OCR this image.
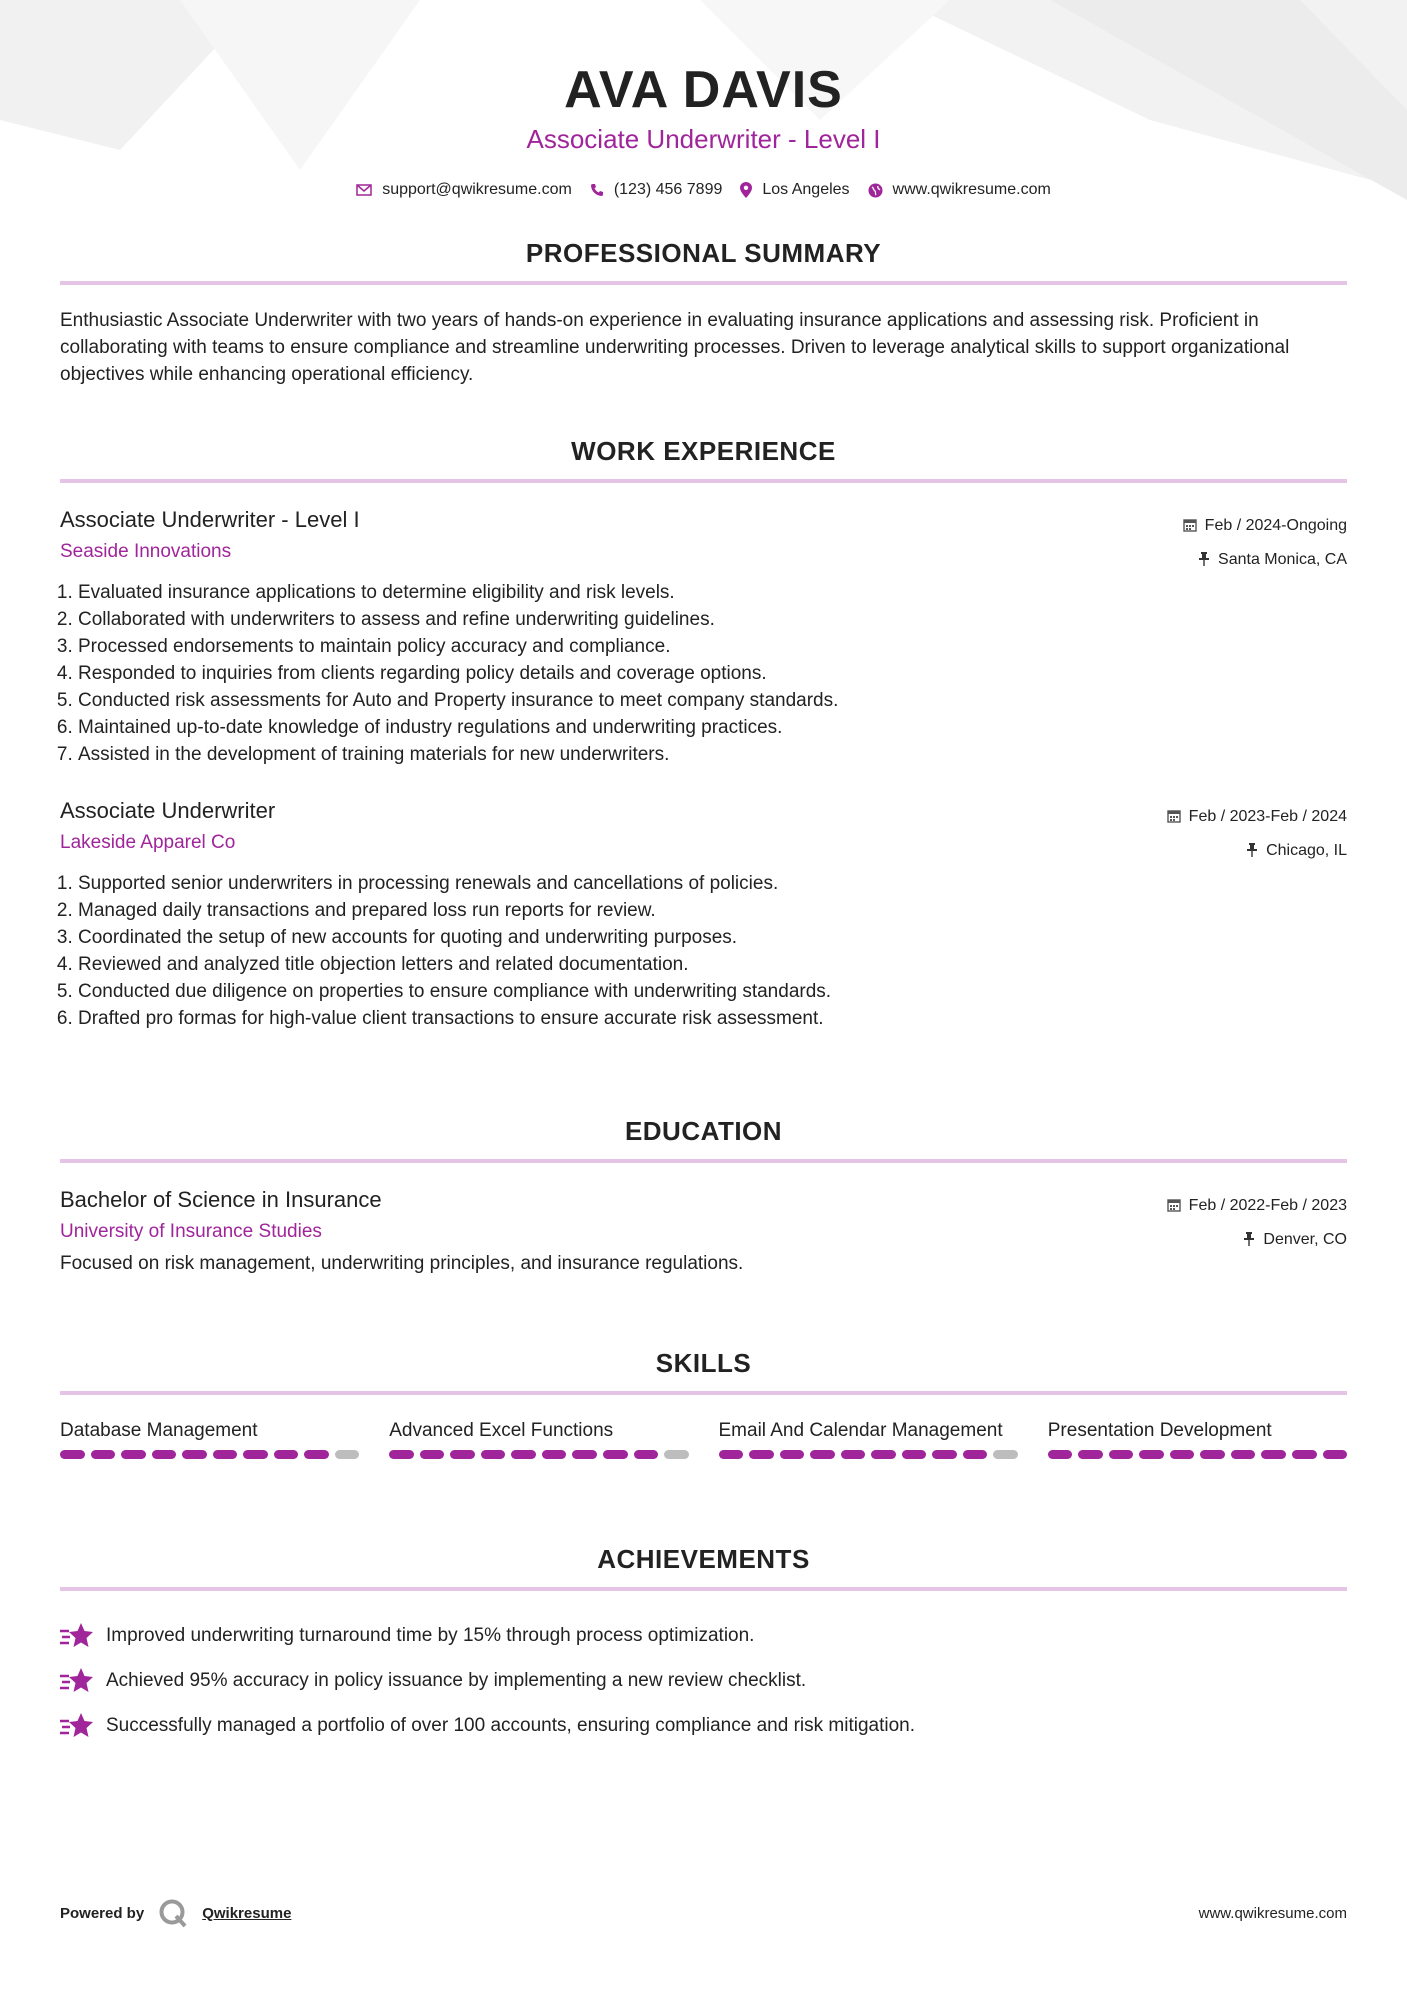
AVA DAVIS
Associate Underwriter - Level I
support@qwikresume.com	(123) 456 7899	Los Angeles	www.qwikresume.com
PROFESSIONAL SUMMARY
Enthusiastic Associate Underwriter with two years of hands-on experience in evaluating insurance applications and assessing risk. Proficient in collaborating with teams to ensure compliance and streamline underwriting processes. Driven to leverage analytical skills to support organizational objectives while enhancing operational efficiency.
WORK EXPERIENCE
Associate Underwriter - Level I
Seaside Innovations
Feb / 2024-Ongoing
Santa Monica, CA
1. Evaluated insurance applications to determine eligibility and risk levels.
2. Collaborated with underwriters to assess and refine underwriting guidelines.
3. Processed endorsements to maintain policy accuracy and compliance.
4. Responded to inquiries from clients regarding policy details and coverage options.
5. Conducted risk assessments for Auto and Property insurance to meet company standards.
6. Maintained up-to-date knowledge of industry regulations and underwriting practices.
7. Assisted in the development of training materials for new underwriters.
Associate Underwriter
Lakeside Apparel Co
Feb / 2023-Feb / 2024
Chicago, IL
1. Supported senior underwriters in processing renewals and cancellations of policies.
2. Managed daily transactions and prepared loss run reports for review.
3. Coordinated the setup of new accounts for quoting and underwriting purposes.
4. Reviewed and analyzed title objection letters and related documentation.
5. Conducted due diligence on properties to ensure compliance with underwriting standards.
6. Drafted pro formas for high-value client transactions to ensure accurate risk assessment.
EDUCATION
Bachelor of Science in Insurance
University of Insurance Studies
Feb / 2022-Feb / 2023
Denver, CO
Focused on risk management, underwriting principles, and insurance regulations.
SKILLS
Database Management	Advanced Excel Functions	Email And Calendar Management	Presentation Development
ACHIEVEMENTS
Improved underwriting turnaround time by 15% through process optimization.
Achieved 95% accuracy in policy issuance by implementing a new review checklist.
Successfully managed a portfolio of over 100 accounts, ensuring compliance and risk mitigation.
Powered by	Qwikresume	www.qwikresume.com
